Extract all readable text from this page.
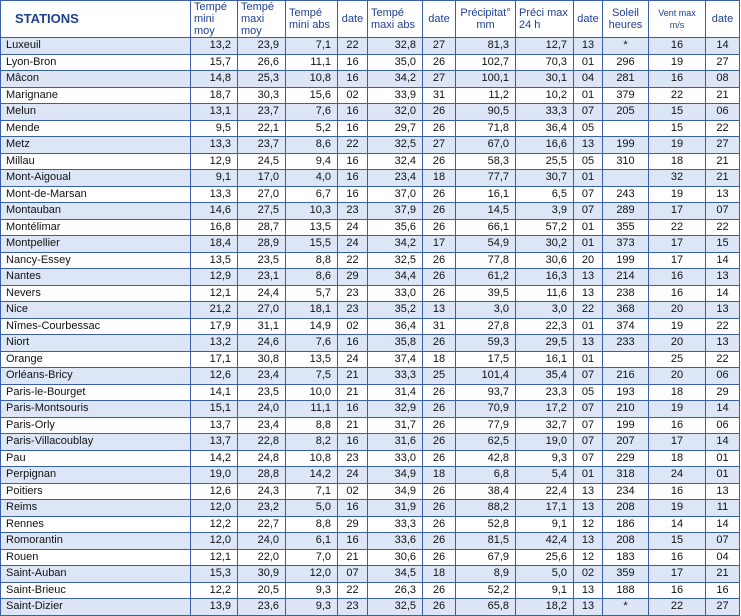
STATIONS	Tempé mini moy	Tempé maxi moy	Tempé mini abs	date	Tempé maxi abs	date	Précipitat° mm	Préci max 24 h	date	Soleil heures	Vent max m/s	date
Luxeuil	13,2	23,9	7,1	22	32,8	27	81,3	12,7	13	*	16	14
Lyon-Bron	15,7	26,6	11,1	16	35,0	26	102,7	70,3	01	296	19	27
Mâcon	14,8	25,3	10,8	16	34,2	27	100,1	30,1	04	281	16	08
Marignane	18,7	30,3	15,6	02	33,9	31	11,2	10,2	01	379	22	21
Melun	13,1	23,7	7,6	16	32,0	26	90,5	33,3	07	205	15	06
Mende	9,5	22,1	5,2	16	29,7	26	71,8	36,4	05		15	22
Metz	13,3	23,7	8,6	22	32,5	27	67,0	16,6	13	199	19	27
Millau	12,9	24,5	9,4	16	32,4	26	58,3	25,5	05	310	18	21
Mont-Aigoual	9,1	17,0	4,0	16	23,4	18	77,7	30,7	01		32	21
Mont-de-Marsan	13,3	27,0	6,7	16	37,0	26	16,1	6,5	07	243	19	13
Montauban	14,6	27,5	10,3	23	37,9	26	14,5	3,9	07	289	17	07
Montélimar	16,8	28,7	13,5	24	35,6	26	66,1	57,2	01	355	22	22
Montpellier	18,4	28,9	15,5	24	34,2	17	54,9	30,2	01	373	17	15
Nancy-Essey	13,5	23,5	8,8	22	32,5	26	77,8	30,6	20	199	17	14
Nantes	12,9	23,1	8,6	29	34,4	26	61,2	16,3	13	214	16	13
Nevers	12,1	24,4	5,7	23	33,0	26	39,5	11,6	13	238	16	14
Nice	21,2	27,0	18,1	23	35,2	13	3,0	3,0	22	368	20	13
Nîmes-Courbessac	17,9	31,1	14,9	02	36,4	31	27,8	22,3	01	374	19	22
Niort	13,2	24,6	7,6	16	35,8	26	59,3	29,5	13	233	20	13
Orange	17,1	30,8	13,5	24	37,4	18	17,5	16,1	01		25	22
Orléans-Bricy	12,6	23,4	7,5	21	33,3	25	101,4	35,4	07	216	20	06
Paris-le-Bourget	14,1	23,5	10,0	21	31,4	26	93,7	23,3	05	193	18	29
Paris-Montsouris	15,1	24,0	11,1	16	32,9	26	70,9	17,2	07	210	19	14
Paris-Orly	13,7	23,4	8,8	21	31,7	26	77,9	32,7	07	199	16	06
Paris-Villacoublay	13,7	22,8	8,2	16	31,6	26	62,5	19,0	07	207	17	14
Pau	14,2	24,8	10,8	23	33,0	26	42,8	9,3	07	229	18	01
Perpignan	19,0	28,8	14,2	24	34,9	18	6,8	5,4	01	318	24	01
Poitiers	12,6	24,3	7,1	02	34,9	26	38,4	22,4	13	234	16	13
Reims	12,0	23,2	5,0	16	31,9	26	88,2	17,1	13	208	19	11
Rennes	12,2	22,7	8,8	29	33,3	26	52,8	9,1	12	186	14	14
Romorantin	12,0	24,0	6,1	16	33,6	26	81,5	42,4	13	208	15	07
Rouen	12,1	22,0	7,0	21	30,6	26	67,9	25,6	12	183	16	04
Saint-Auban	15,3	30,9	12,0	07	34,5	18	8,9	5,0	02	359	17	21
Saint-Brieuc	12,2	20,5	9,3	22	26,3	26	52,2	9,1	13	188	16	16
Saint-Dizier	13,9	23,6	9,3	23	32,5	26	65,8	18,2	13	*	22	27
